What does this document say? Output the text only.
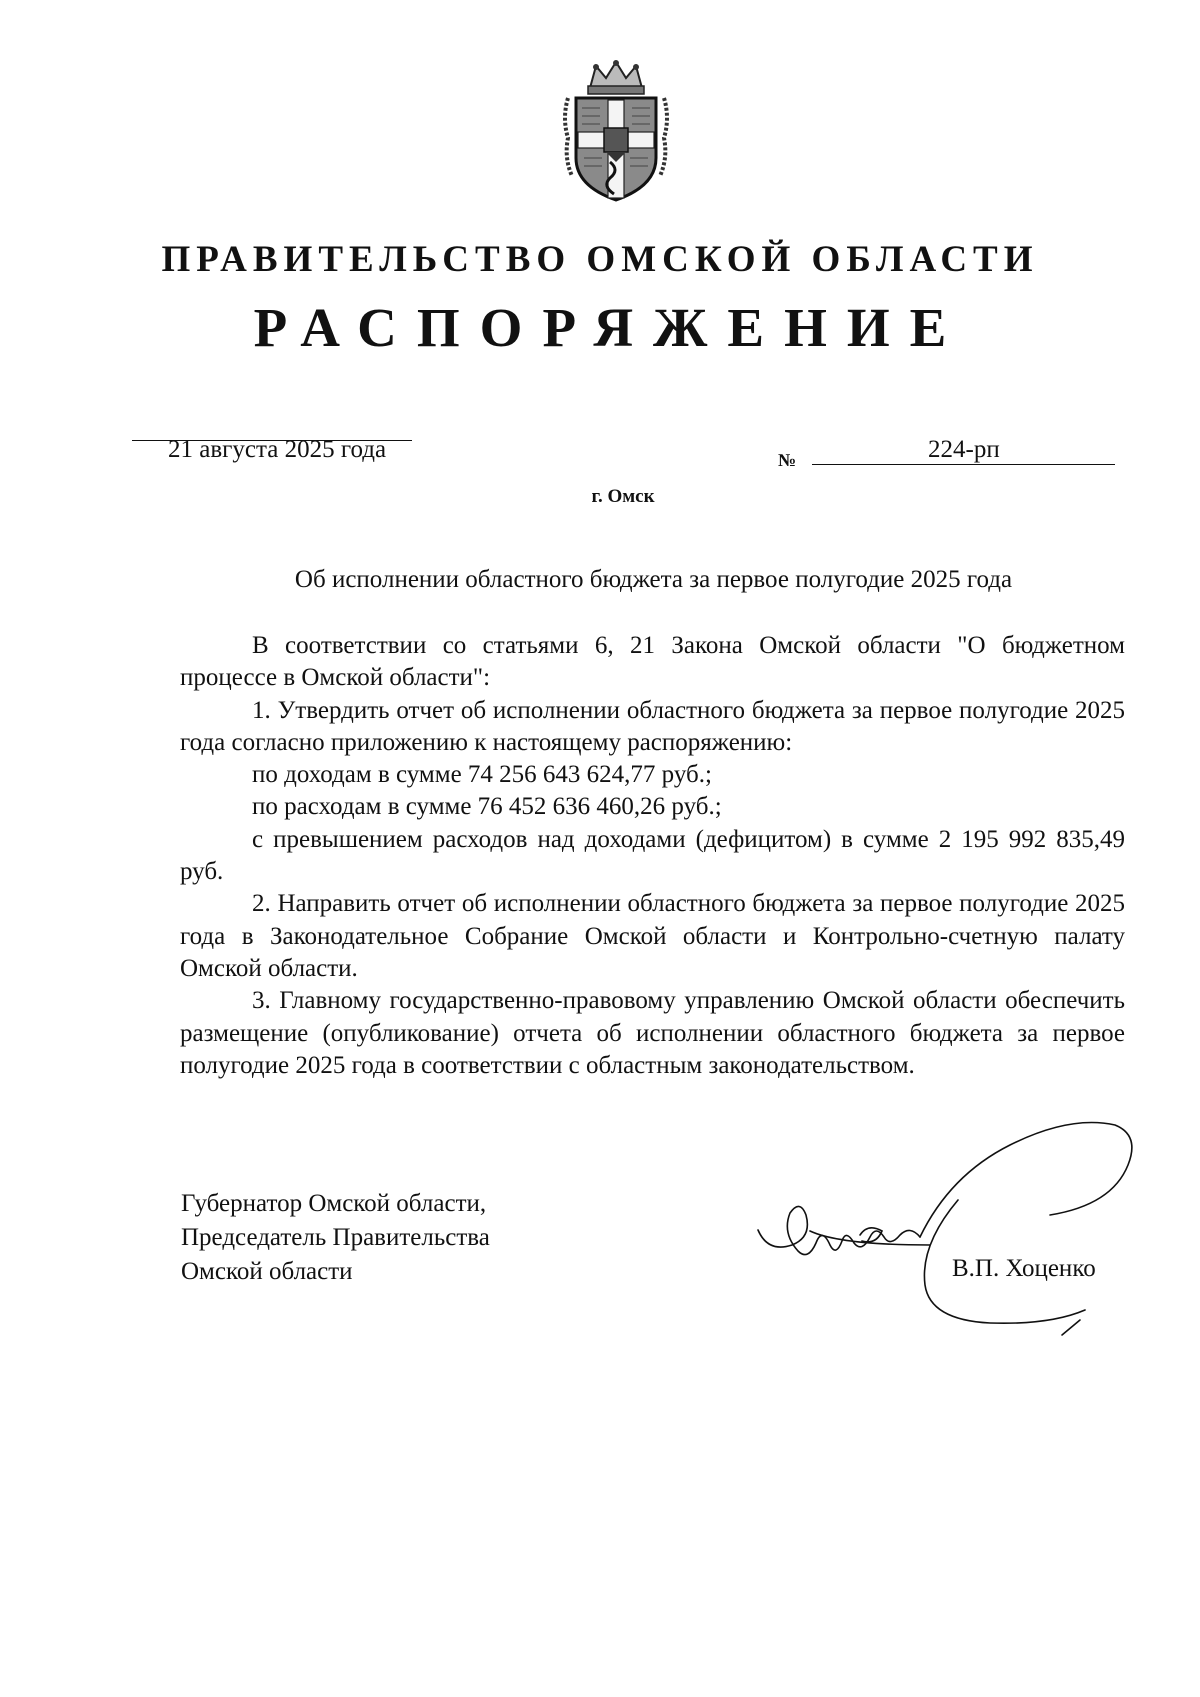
ПРАВИТЕЛЬСТВО ОМСКОЙ ОБЛАСТИ
РАСПОРЯЖЕНИЕ
21 августа 2025 года	№	224-рп
г. Омск
Об исполнении областного бюджета за первое полугодие 2025 года

В соответствии со статьями 6, 21 Закона Омской области "О бюджетном процессе в Омской области":

1. Утвердить отчет об исполнении областного бюджета за первое полугодие 2025 года согласно приложению к настоящему распоряжению:

по доходам в сумме 74 256 643 624,77 руб.;

по расходам в сумме 76 452 636 460,26 руб.;

с превышением расходов над доходами (дефицитом) в сумме 2 195 992 835,49 руб.

2. Направить отчет об исполнении областного бюджета за первое полугодие 2025 года в Законодательное Собрание Омской области и Контрольно-счетную палату Омской области.

3. Главному государственно-правовому управлению Омской области обеспечить размещение (опубликование) отчета об исполнении областного бюджета за первое полугодие 2025 года в соответствии с областным законодательством.

Губернатор Омской области,
Председатель Правительства
Омской области	В.П. Хоценко
